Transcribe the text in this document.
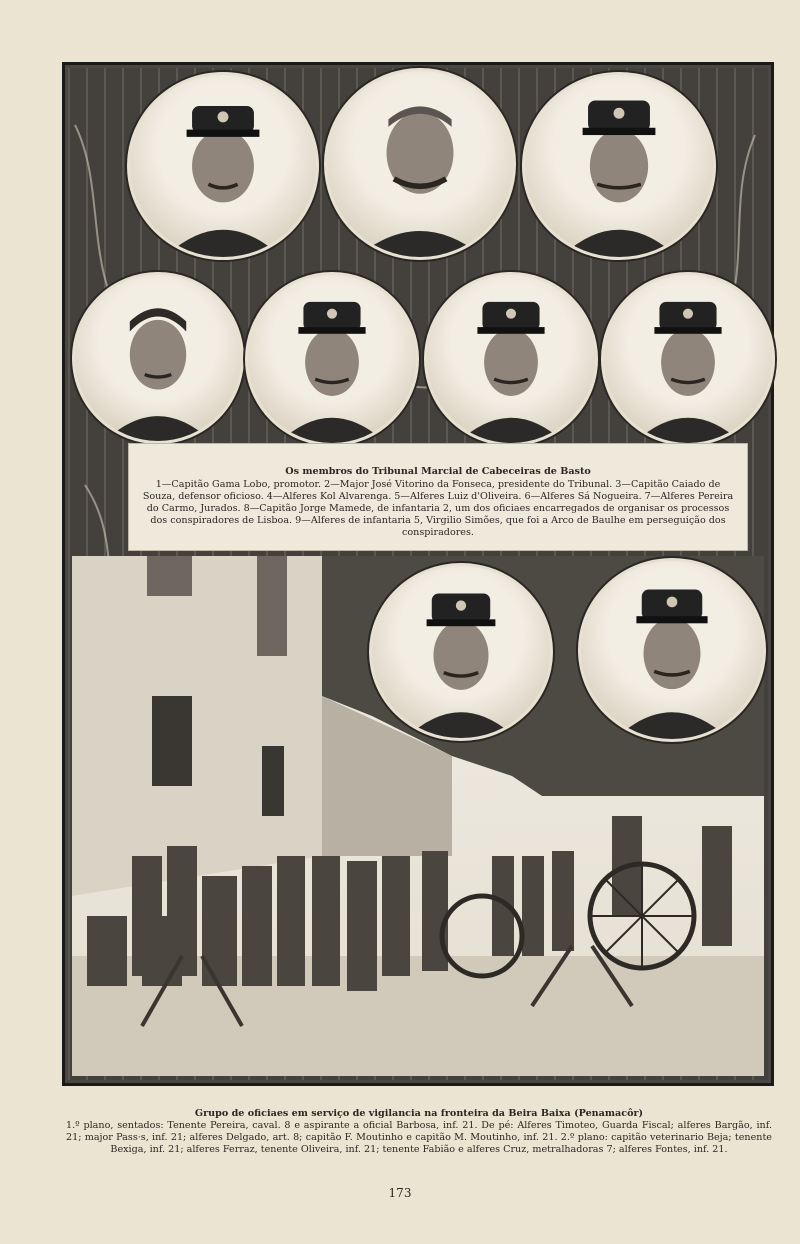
Os membros do Tribunal Marcial de Cabeceiras de Basto
1—Capitão Gama Lobo, promotor. 2—Major José Vitorino da Fonseca, presidente do Tribunal. 3—Capitão Caiado de Souza, defensor oficioso. 4—Alferes Kol Alvarenga. 5—Alferes Luiz d'Oliveira. 6—Alferes Sá Nogueira. 7—Alferes Pereira do Carmo, Jurados. 8—Capitão Jorge Mamede, de infantaria 2, um dos oficiaes encarregados de organisar os processos dos conspiradores de Lisboa. 9—Alferes de infantaria 5, Virgilio Simões, que foi a Arco de Baulhe em perseguição dos conspiradores.
Grupo de oficiaes em serviço de vigilancia na fronteira da Beira Baixa (Penamacôr)
1.º plano, sentados: Tenente Pereira, caval. 8 e aspirante a oficial Barbosa, inf. 21. De pé: Alferes Timoteo, Guarda Fiscal; alferes Bargão, inf. 21; major Pass·s, inf. 21; alferes Delgado, art. 8; capitão F. Moutinho e capitão M. Moutinho, inf. 21. 2.º plano: capitão veterinario Beja; tenente Bexiga, inf. 21; alferes Ferraz, tenente Oliveira, inf. 21; tenente Fabião e alferes Cruz, metralhadoras 7; alferes Fontes, inf. 21.
173
